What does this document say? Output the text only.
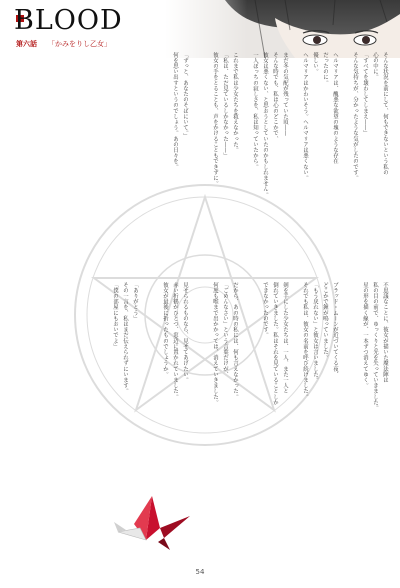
BLOOD
第六話 「かみをりし乙女」
そんな状況を前にして、何もできないという私の
心の中に。
「すべてを壊わしてしまえ――」
そんな気持ちが、分かったような気がしたのです。

ヘルマリアは、醜悪な欲望の塊のような存在
だったのに。
優しい。
ヘルマリアはかわいそう。ヘルマリアは悪くない。

まだ冬の気配が残っていた頃――
そんな時でも、私は心のどこかで、
彼女は悪くない、と思おうとしていたのかもしれません。
一人ぼっちの寂しさを、私は知っていたから。
これまで私は少女たちを救えなかった。
「私は、ただ見ているしかなかった――」
彼女の手をとることも、声をかけることもできずに。
「ずっと、あなたのそばにいて。」
何を思い出すというのでしょう。あの日々を。
不思議なことに、彼女が描いた魔法陣は
私の目の前で、ゆっくりと光を失っていきました。
星の形を描く線が、一本ずつ消えてゆく。
ブラッド・ムーンが近づいてくる夜、
どこかで鐘が鳴っていました。
「もう戻れない」と彼女は言いました。
それでも私は、彼女の名前を呼び続けました。
剣を手にした少女たちは、一人、また一人と
倒れていきました。私はそれを見ていることしか
できなかったのです。
だから、あの時の私には、何も言えなかった。
「ごめんなさい」という言葉だけが、
何度も喉まで出かかっては、消えていきました。
見せられるものなら、見せてあげたい。
赤い折鶴がひとつ、窓辺に置かれていました。
彼女が最後に折ったものでしょうか。
「ありがとう」
その一言を、私はまだ伝えられずにいます。
「僕の部屋にもおいでよ」
54
